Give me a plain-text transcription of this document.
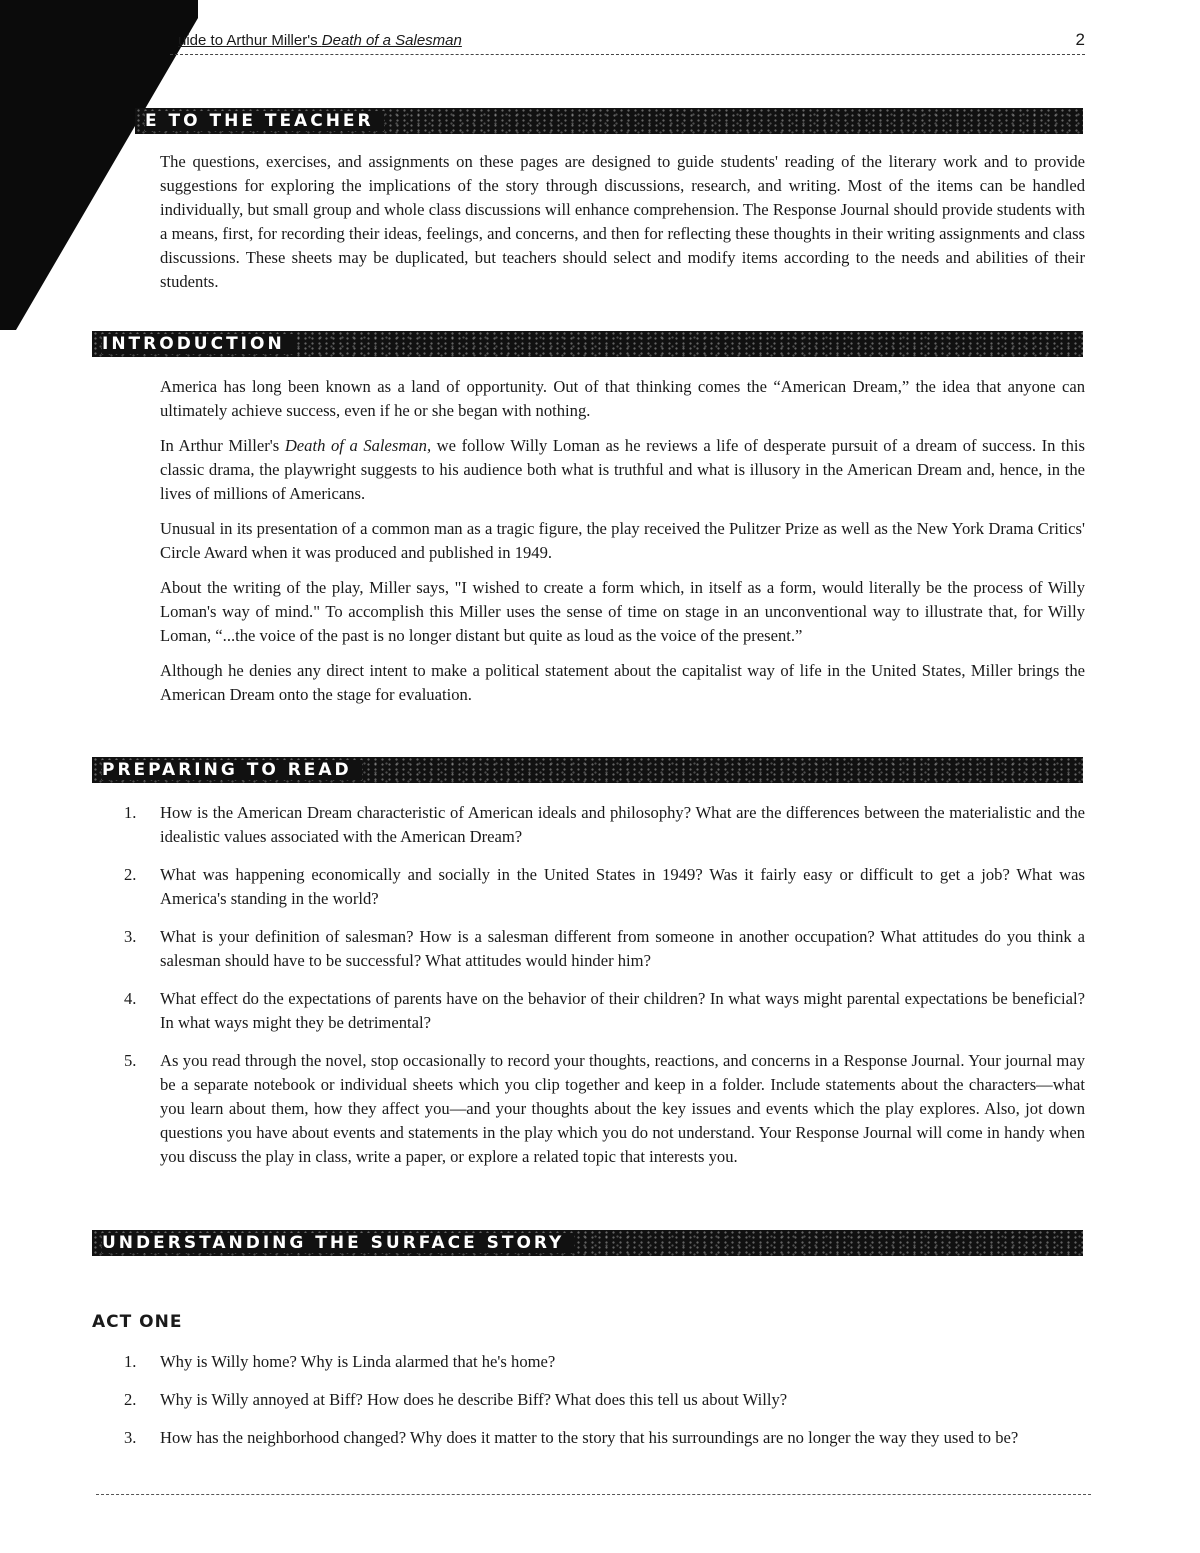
uide to Arthur Miller's Death of a Salesman	2
E TO THE TEACHER

The questions, exercises, and assignments on these pages are designed to guide students' reading of the literary work and to provide suggestions for exploring the implications of the story through discussions, research, and writing. Most of the items can be handled individually, but small group and whole class discussions will enhance comprehension. The Response Journal should provide students with a means, first, for recording their ideas, feelings, and concerns, and then for reflecting these thoughts in their writing assignments and class discussions. These sheets may be duplicated, but teachers should select and modify items according to the needs and abilities of their students.

INTRODUCTION

America has long been known as a land of opportunity. Out of that thinking comes the “American Dream,” the idea that anyone can ultimately achieve success, even if he or she began with nothing.

In Arthur Miller's Death of a Salesman, we follow Willy Loman as he reviews a life of desperate pursuit of a dream of success. In this classic drama, the playwright suggests to his audience both what is truthful and what is illusory in the American Dream and, hence, in the lives of millions of Americans.

Unusual in its presentation of a common man as a tragic figure, the play received the Pulitzer Prize as well as the New York Drama Critics' Circle Award when it was produced and published in 1949.

About the writing of the play, Miller says, "I wished to create a form which, in itself as a form, would literally be the process of Willy Loman's way of mind." To accomplish this Miller uses the sense of time on stage in an unconventional way to illustrate that, for Willy Loman, “...the voice of the past is no longer distant but quite as loud as the voice of the present.”

Although he denies any direct intent to make a political statement about the capitalist way of life in the United States, Miller brings the American Dream onto the stage for evaluation.

PREPARING TO READ
1. How is the American Dream characteristic of American ideals and philosophy? What are the differences between the materialistic and the idealistic values associated with the American Dream?
2. What was happening economically and socially in the United States in 1949? Was it fairly easy or difficult to get a job? What was America's standing in the world?
3. What is your definition of salesman? How is a salesman different from someone in another occupation? What attitudes do you think a salesman should have to be successful? What attitudes would hinder him?
4. What effect do the expectations of parents have on the behavior of their children? In what ways might parental expectations be beneficial? In what ways might they be detrimental?
5. As you read through the novel, stop occasionally to record your thoughts, reactions, and concerns in a Response Journal. Your journal may be a separate notebook or individual sheets which you clip together and keep in a folder. Include statements about the characters—what you learn about them, how they affect you—and your thoughts about the key issues and events which the play explores. Also, jot down questions you have about events and statements in the play which you do not understand. Your Response Journal will come in handy when you discuss the play in class, write a paper, or explore a related topic that interests you.
UNDERSTANDING THE SURFACE STORY
ACT ONE
1. Why is Willy home? Why is Linda alarmed that he's home?
2. Why is Willy annoyed at Biff? How does he describe Biff? What does this tell us about Willy?
3. How has the neighborhood changed? Why does it matter to the story that his surroundings are no longer the way they used to be?
